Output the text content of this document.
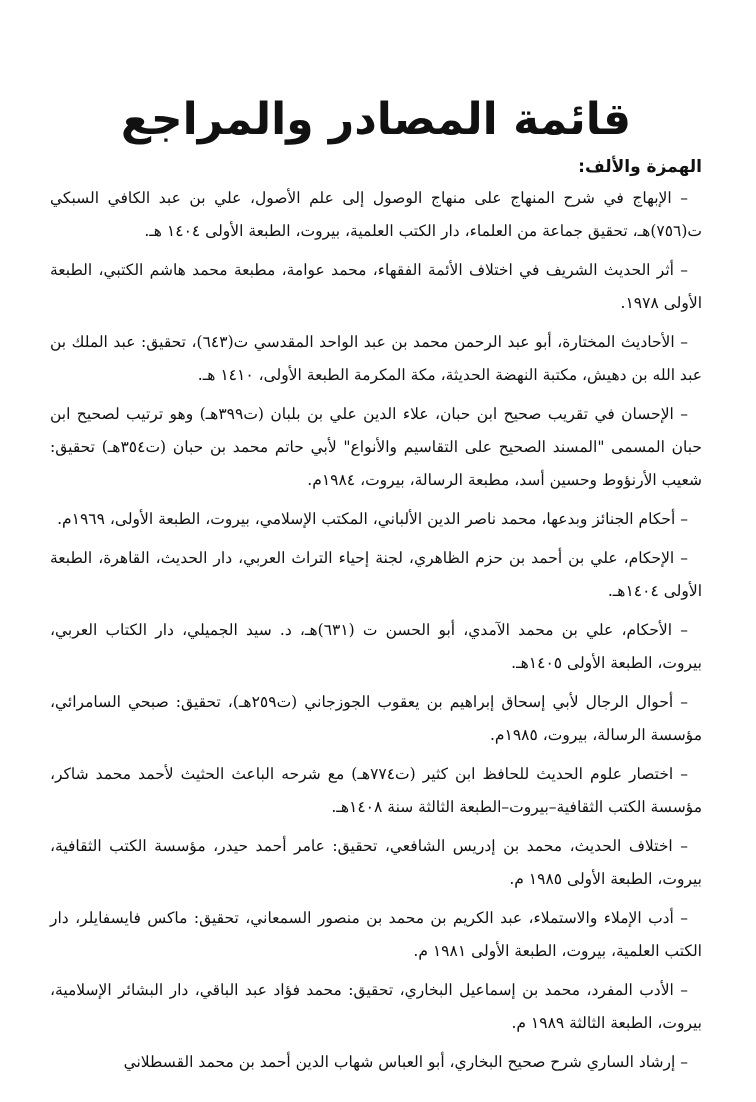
قائمة المصادر والمراجع
الهمزة والألف:

– الإبهاج في شرح المنهاج على منهاج الوصول إلى علم الأصول، علي بن عبد الكافي السبكي ت(٧٥٦)هـ، تحقيق جماعة من العلماء، دار الكتب العلمية، بيروت، الطبعة الأولى ١٤٠٤ هـ.

– أثر الحديث الشريف في اختلاف الأئمة الفقهاء، محمد عوامة، مطبعة محمد هاشم الكتبي، الطبعة الأولى ١٩٧٨.

– الأحاديث المختارة، أبو عبد الرحمن محمد بن عبد الواحد المقدسي ت(٦٤٣)، تحقيق: عبد الملك بن عبد الله بن دهيش، مكتبة النهضة الحديثة، مكة المكرمة الطبعة الأولى، ١٤١٠ هـ.

– الإحسان في تقريب صحيح ابن حبان، علاء الدين علي بن بلبان (ت٣٩٩هـ) وهو ترتيب لصحيح ابن حبان المسمى "المسند الصحيح على التقاسيم والأنواع" لأبي حاتم محمد بن حبان (ت٣٥٤هـ) تحقيق: شعيب الأرنؤوط وحسين أسد، مطبعة الرسالة، بيروت، ١٩٨٤م.

– أحكام الجنائز وبدعها، محمد ناصر الدين الألباني، المكتب الإسلامي، بيروت، الطبعة الأولى، ١٩٦٩م.

– الإحكام، علي بن أحمد بن حزم الظاهري، لجنة إحياء التراث العربي، دار الحديث، القاهرة، الطبعة الأولى ١٤٠٤هـ.

– الأحكام، علي بن محمد الآمدي، أبو الحسن ت (٦٣١)هـ، د. سيد الجميلي، دار الكتاب العربي، بيروت، الطبعة الأولى ١٤٠٥هـ.

– أحوال الرجال لأبي إسحاق إبراهيم بن يعقوب الجوزجاني (ت٢٥٩هـ)، تحقيق: صبحي السامرائي، مؤسسة الرسالة، بيروت، ١٩٨٥م.

– اختصار علوم الحديث للحافظ ابن كثير (ت٧٧٤هـ) مع شرحه الباعث الحثيث لأحمد محمد شاكر، مؤسسة الكتب الثقافية–بيروت–الطبعة الثالثة سنة ١٤٠٨هـ.

– اختلاف الحديث، محمد بن إدريس الشافعي، تحقيق: عامر أحمد حيدر، مؤسسة الكتب الثقافية، بيروت، الطبعة الأولى ١٩٨٥ م.

– أدب الإملاء والاستملاء، عبد الكريم بن محمد بن منصور السمعاني، تحقيق: ماكس فايسفايلر، دار الكتب العلمية، بيروت، الطبعة الأولى ١٩٨١ م.

– الأدب المفرد، محمد بن إسماعيل البخاري، تحقيق: محمد فؤاد عبد الباقي، دار البشائر الإسلامية، بيروت، الطبعة الثالثة ١٩٨٩ م.

– إرشاد الساري شرح صحيح البخاري، أبو العباس شهاب الدين أحمد بن محمد القسطلاني
